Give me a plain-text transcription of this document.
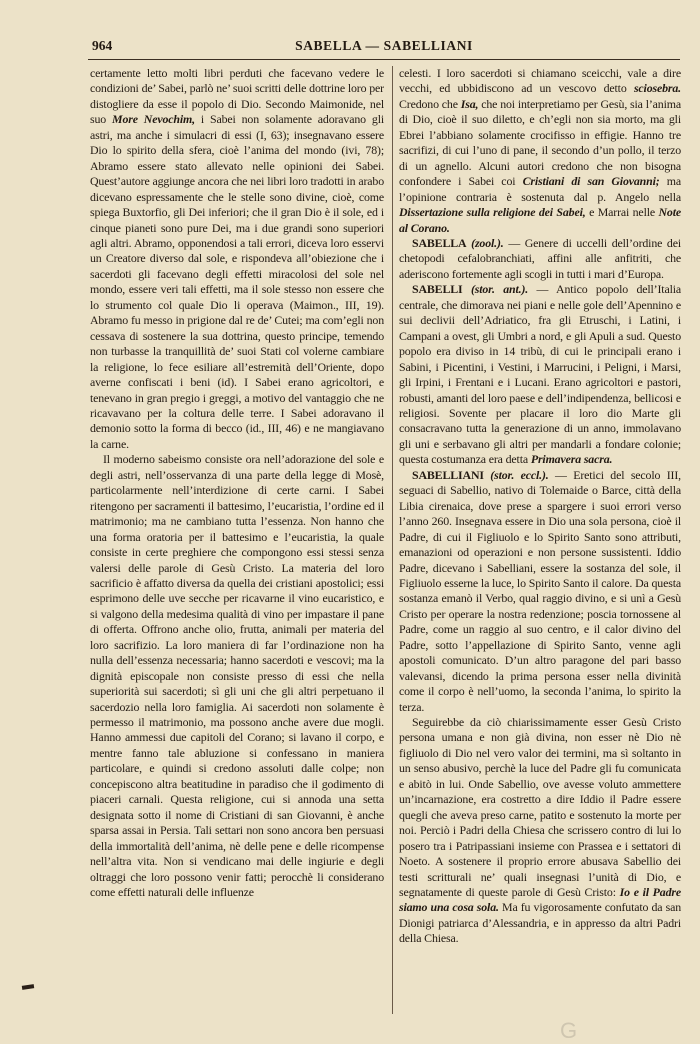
964	SABELLA — SABELLIANI

certamente letto molti libri perduti che facevano vedere le condizioni de’ Sabei, parlò ne’ suoi scritti delle dottrine loro per distogliere da esse il popolo di Dio. Secondo Maimonide, nel suo More Nevochim, i Sabei non solamente adoravano gli astri, ma anche i simulacri di essi (I, 63); insegnavano essere Dio lo spirito della sfera, cioè l’anima del mondo (ivi, 78); Abramo essere stato allevato nelle opinioni dei Sabei. Quest’autore aggiunge ancora che nei libri loro tradotti in arabo dicevano espressamente che le stelle sono divine, cioè, come spiega Buxtorfio, gli Dei inferiori; che il gran Dio è il sole, ed i cinque pianeti sono pure Dei, ma i due grandi sono superiori agli altri. Abramo, opponendosi a tali errori, diceva loro esservi un Creatore diverso dal sole, e rispondeva all’obiezione che i sacerdoti gli facevano degli effetti miracolosi del sole nel mondo, essere veri tali effetti, ma il sole stesso non essere che lo strumento col quale Dio li operava (Maimon., III, 19). Abramo fu messo in prigione dal re de’ Cutei; ma com’egli non cessava di sostenere la sua dottrina, questo principe, temendo non turbasse la tranquillità de’ suoi Stati col volerne cambiare la religione, lo fece esiliare all’estremità dell’Oriente, dopo averne confiscati i beni (id). I Sabei erano agricoltori, e tenevano in gran pregio i greggi, a motivo del vantaggio che ne ricavavano per la coltura delle terre. I Sabei adoravano il demonio sotto la forma di becco (id., III, 46) e ne mangiavano la carne.

Il moderno sabeismo consiste ora nell’adorazione del sole e degli astri, nell’osservanza di una parte della legge di Mosè, particolarmente nell’interdizione di certe carni. I Sabei ritengono per sacramenti il battesimo, l’eucaristia, l’ordine ed il matrimonio; ma ne cambiano tutta l’essenza. Non hanno che una forma oratoria per il battesimo e l’eucaristia, la quale consiste in certe preghiere che compongono essi stessi senza valersi delle parole di Gesù Cristo. La materia del loro sacrificio è affatto diversa da quella dei cristiani apostolici; essi esprimono delle uve secche per ricavarne il vino eucaristico, e si valgono della medesima qualità di vino per impastare il pane di offerta. Offrono anche olio, frutta, animali per materia del loro sacrifizio. La loro maniera di far l’ordinazione non ha nulla dell’essenza necessaria; hanno sacerdoti e vescovi; ma la dignità episcopale non consiste presso di essi che nella superiorità sui sacerdoti; sì gli uni che gli altri perpetuano il sacerdozio nella loro famiglia. Ai sacerdoti non solamente è permesso il matrimonio, ma possono anche avere due mogli. Hanno ammessi due capitoli del Corano; si lavano il corpo, e mentre fanno tale abluzione si confessano in maniera particolare, e quindi si credono assoluti dalle colpe; non concepiscono altra beatitudine in paradiso che il godimento di piaceri carnali. Questa religione, cui si annoda una setta designata sotto il nome di Cristiani di san Giovanni, è anche sparsa assai in Persia. Tali settari non sono ancora ben persuasi della immortalità dell’anima, nè delle pene e delle ricompense nell’altra vita. Non si vendicano mai delle ingiurie e degli oltraggi che loro possono venir fatti; perocchè li considerano come effetti naturali delle influenze

celesti. I loro sacerdoti si chiamano sceicchi, vale a dire vecchi, ed ubbidiscono ad un vescovo detto sciosebra. Credono che Isa, che noi interpretiamo per Gesù, sia l’anima di Dio, cioè il suo diletto, e ch’egli non sia morto, ma gli Ebrei l’abbiano solamente crocifisso in effigie. Hanno tre sacrifizi, di cui l’uno di pane, il secondo d’un pollo, il terzo di un agnello. Alcuni autori credono che non bisogna confondere i Sabei coi Cristiani di san Giovanni; ma l’opinione contraria è sostenuta dal p. Angelo nella Dissertazione sulla religione dei Sabei, e Marrai nelle Note al Corano.

SABELLA (zool.). — Genere di uccelli dell’ordine dei chetopodi cefalobranchiati, affini alle anfitriti, che aderiscono fortemente agli scogli in tutti i mari d’Europa.

SABELLI (stor. ant.). — Antico popolo dell’Italia centrale, che dimorava nei piani e nelle gole dell’Apennino e sui declivii dell’Adriatico, fra gli Etruschi, i Latini, i Campani a ovest, gli Umbri a nord, e gli Apuli a sud. Questo popolo era diviso in 14 tribù, di cui le principali erano i Sabini, i Picentini, i Vestini, i Marrucini, i Peligni, i Marsi, gli Irpini, i Frentani e i Lucani. Erano agricoltori e pastori, robusti, amanti del loro paese e dell’indipendenza, bellicosi e religiosi. Sovente per placare il loro dio Marte gli consacravano tutta la generazione di un anno, immolavano gli uni e serbavano gli altri per mandarli a fondare colonie; questa costumanza era detta Primavera sacra.

SABELLIANI (stor. eccl.). — Eretici del secolo III, seguaci di Sabellio, nativo di Tolemaide o Barce, città della Libia cirenaica, dove prese a spargere i suoi errori verso l’anno 260. Insegnava essere in Dio una sola persona, cioè il Padre, di cui il Figliuolo e lo Spirito Santo sono attributi, emanazioni od operazioni e non persone sussistenti. Iddio Padre, dicevano i Sabelliani, essere la sostanza del sole, il Figliuolo esserne la luce, lo Spirito Santo il calore. Da questa sostanza emanò il Verbo, qual raggio divino, e si unì a Gesù Cristo per operare la nostra redenzione; poscia tornossene al Padre, come un raggio al suo centro, e il calor divino del Padre, sotto l’appellazione di Spirito Santo, venne agli apostoli comunicato. D’un altro paragone del pari basso valevansi, dicendo la prima persona esser nella divinità come il corpo è nell’uomo, la seconda l’anima, lo spirito la terza.

Seguirebbe da ciò chiarissimamente esser Gesù Cristo persona umana e non già divina, non esser nè Dio nè figliuolo di Dio nel vero valor dei termini, ma sì soltanto in un senso abusivo, perchè la luce del Padre gli fu comunicata e abitò in lui. Onde Sabellio, ove avesse voluto ammettere un’incarnazione, era costretto a dire Iddio il Padre essere quegli che aveva preso carne, patito e sostenuto la morte per noi. Perciò i Padri della Chiesa che scrissero contro di lui lo posero tra i Patripassiani insieme con Prassea e i settatori di Noeto. A sostenere il proprio errore abusava Sabellio dei testi scritturali ne’ quali insegnasi l’unità di Dio, e segnatamente di queste parole di Gesù Cristo: Io e il Padre siamo una cosa sola. Ma fu vigorosamente confutato da san Dionigi patriarca d’Alessandria, e in appresso da altri Padri della Chiesa.

G
